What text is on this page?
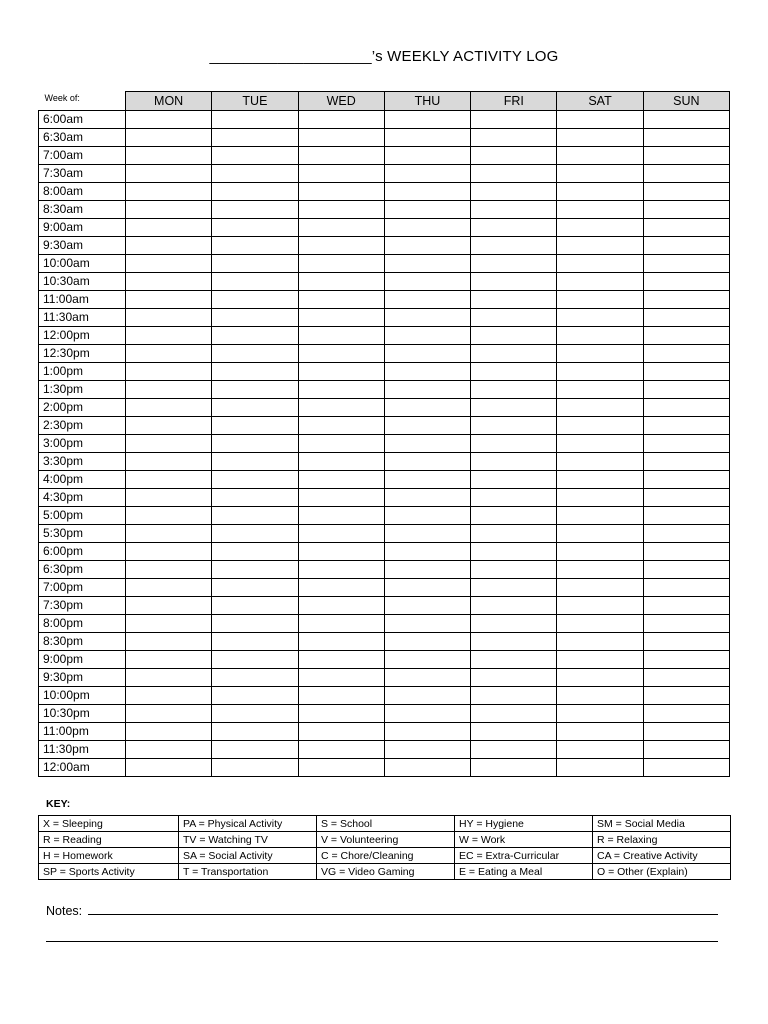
___________________’s WEEKLY ACTIVITY LOG
Week of:	MON	TUE	WED	THU	FRI	SAT	SUN
6:00am							
6:30am							
7:00am							
7:30am							
8:00am							
8:30am							
9:00am							
9:30am							
10:00am							
10:30am							
11:00am							
11:30am							
12:00pm							
12:30pm							
1:00pm							
1:30pm							
2:00pm							
2:30pm							
3:00pm							
3:30pm							
4:00pm							
4:30pm							
5:00pm							
5:30pm							
6:00pm							
6:30pm							
7:00pm							
7:30pm							
8:00pm							
8:30pm							
9:00pm							
9:30pm							
10:00pm							
10:30pm							
11:00pm							
11:30pm							
12:00am							
KEY:
X = Sleeping	PA = Physical Activity	S = School	HY = Hygiene	SM = Social Media
R = Reading	TV = Watching TV	V = Volunteering	W = Work	R = Relaxing
H = Homework	SA = Social Activity	C = Chore/Cleaning	EC = Extra-Curricular	CA = Creative Activity
SP = Sports Activity	T = Transportation	VG = Video Gaming	E = Eating a Meal	O = Other (Explain)
Notes:
